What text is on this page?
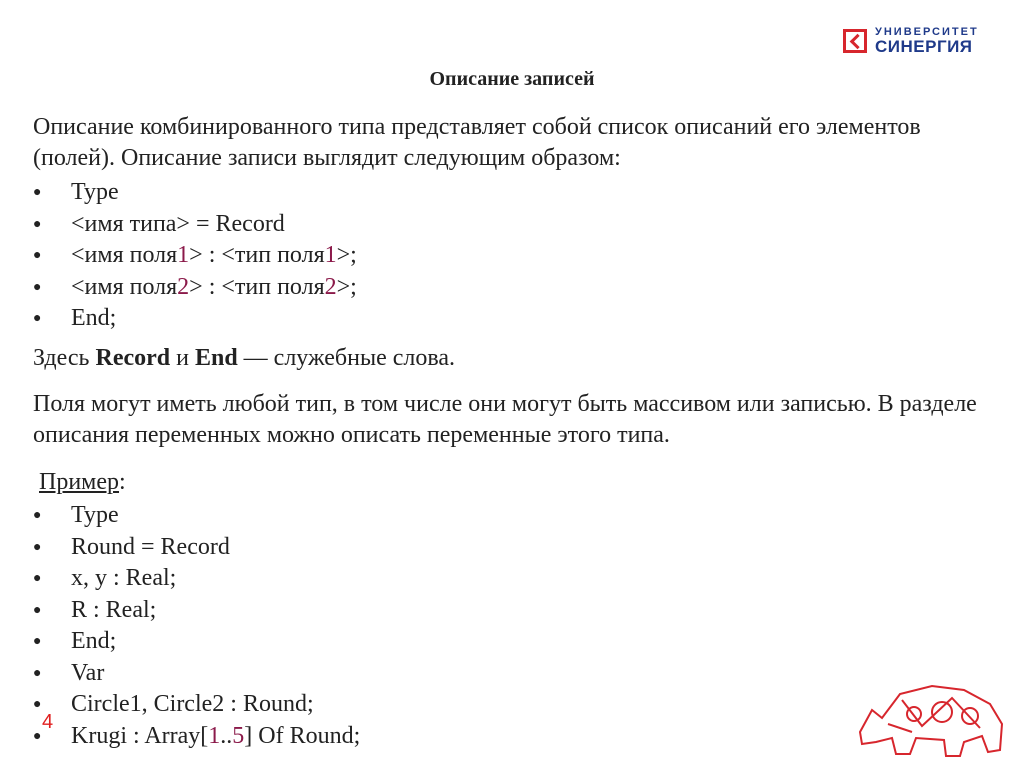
УНИВЕРСИТЕТ
СИНЕРГИЯ
Описание записей
Описание комбинированного типа представляет собой список описаний его элементов (полей). Описание записи выглядит следующим образом:
●	Type
●	<имя типа> = Record
●	<имя поля1> : <тип поля1>;
●	<имя поля2> : <тип поля2>;
●	End;
Здесь Record и End — служебные слова.
Поля могут иметь любой тип, в том числе они могут быть массивом или записью. В разделе описания переменных можно описать переменные этого типа.
Пример:
●	Type
●	Round = Record
●	x, y : Real;
●	R : Real;
●	End;
●	Var
●	Circle1, Circle2 : Round;
●	Krugi : Array[1..5] Of Round;
4
